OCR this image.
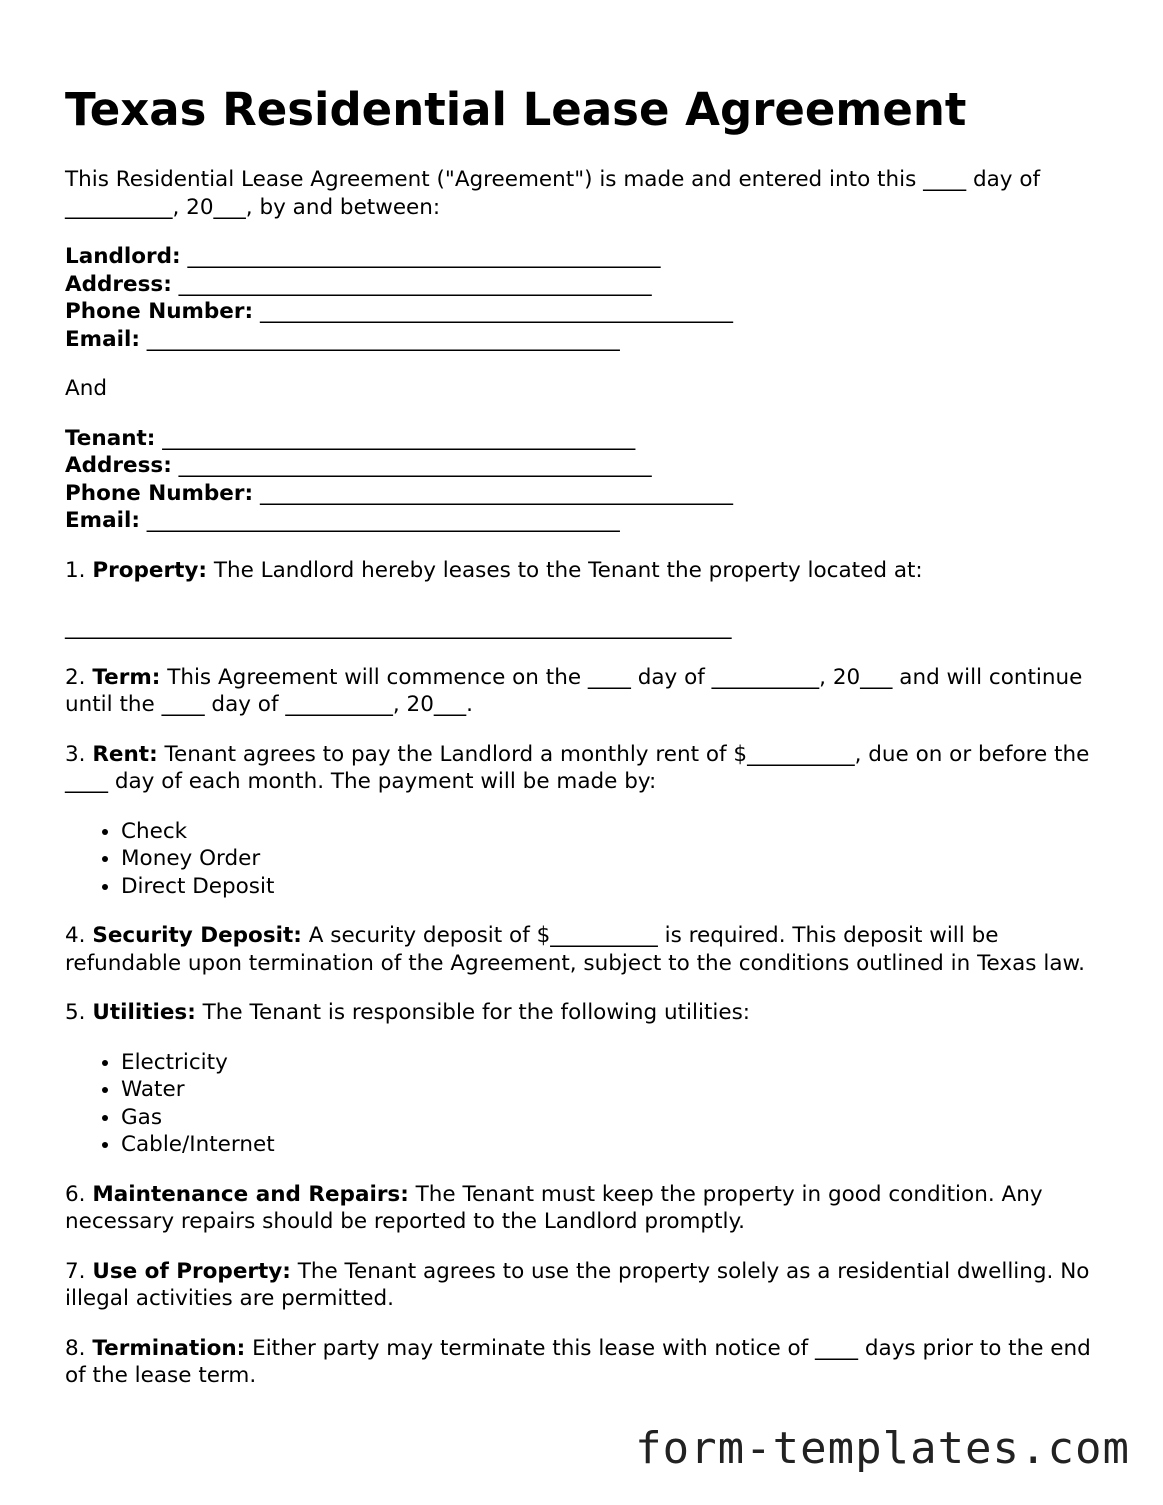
Texas Residential Lease Agreement

This Residential Lease Agreement ("Agreement") is made and entered into this ____ day of __________, 20___, by and between:

Landlord: ____________________________________________
Address: ____________________________________________
Phone Number: ____________________________________________
Email: ____________________________________________

And

Tenant: ____________________________________________
Address: ____________________________________________
Phone Number: ____________________________________________
Email: ____________________________________________

1. Property: The Landlord hereby leases to the Tenant the property located at:

______________________________________________________________

2. Term: This Agreement will commence on the ____ day of __________, 20___ and will continue until the ____ day of __________, 20___.

3. Rent: Tenant agrees to pay the Landlord a monthly rent of $__________, due on or before the ____ day of each month. The payment will be made by:

• Check
• Money Order
• Direct Deposit

4. Security Deposit: A security deposit of $__________ is required. This deposit will be refundable upon termination of the Agreement, subject to the conditions outlined in Texas law.

5. Utilities: The Tenant is responsible for the following utilities:

• Electricity
• Water
• Gas
• Cable/Internet

6. Maintenance and Repairs: The Tenant must keep the property in good condition. Any necessary repairs should be reported to the Landlord promptly.

7. Use of Property: The Tenant agrees to use the property solely as a residential dwelling. No illegal activities are permitted.

8. Termination: Either party may terminate this lease with notice of ____ days prior to the end of the lease term.

form-templates.com
